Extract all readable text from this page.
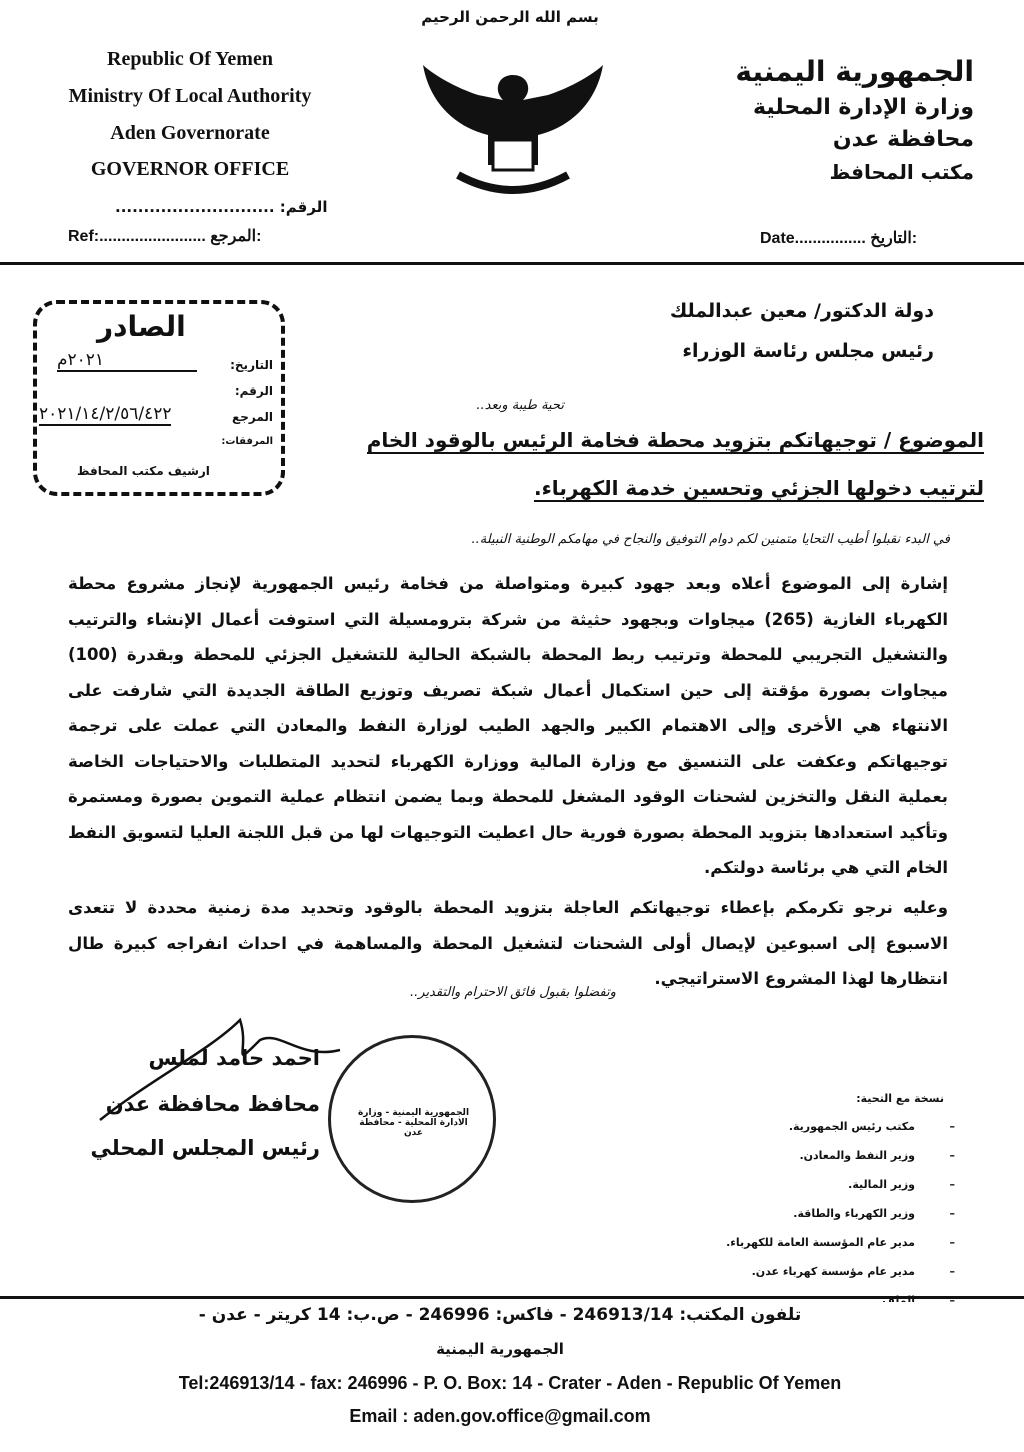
بسم الله الرحمن الرحيم
Republic Of Yemen
Ministry Of Local Authority
Aden Governorate
GOVERNOR OFFICE
الجمهورية اليمنية
وزارة الإدارة المحلية
محافظة عدن
مكتب المحافظ
الرقم: ............................
Ref:........................ المرجع:	Date................ التاريخ:
دولة الدكتور/ معين عبدالملك
رئيس مجلس رئاسة الوزراء
الصادر
التاريخ:
٢٠٢١م
الرقم:
المرجع
٢٠٢١/١٤/٢/٥٦/٤٢٢
المرفقات:
ارشيف مكتب المحافظ
تحية طيبة وبعد..
الموضوع / توجيهاتكم بتزويد محطة فخامة الرئيس بالوقود الخام
لترتيب دخولها الجزئي وتحسين خدمة الكهرباء.
في البدء نقبلوا أطيب التحايا متمنين لكم دوام التوفيق والنجاح في مهامكم الوطنية النبيلة..
إشارة إلى الموضوع أعلاه وبعد جهود كبيرة ومتواصلة من فخامة رئيس الجمهورية لإنجاز مشروع محطة الكهرباء الغازية (265) ميجاوات وبجهود حثيثة من شركة بترومسيلة التي استوفت أعمال الإنشاء والترتيب والتشغيل التجريبي للمحطة وترتيب ربط المحطة بالشبكة الحالية للتشغيل الجزئي للمحطة وبقدرة (100) ميجاوات بصورة مؤقتة إلى حين استكمال أعمال شبكة تصريف وتوزيع الطاقة الجديدة التي شارفت على الانتهاء هي الأخرى وإلى الاهتمام الكبير والجهد الطيب لوزارة النفط والمعادن التي عملت على ترجمة توجيهاتكم وعكفت على التنسيق مع وزارة المالية ووزارة الكهرباء لتحديد المتطلبات والاحتياجات الخاصة بعملية النقل والتخزين لشحنات الوقود المشغل للمحطة وبما يضمن انتظام عملية التموين بصورة ومستمرة وتأكيد استعدادها بتزويد المحطة بصورة فورية حال اعطيت التوجيهات لها من قبل اللجنة العليا لتسويق النفط الخام التي هي برئاسة دولتكم.
وعليه نرجو تكرمكم بإعطاء توجيهاتكم العاجلة بتزويد المحطة بالوقود وتحديد مدة زمنية محددة لا تتعدى الاسبوع إلى اسبوعين لإيصال أولى الشحنات لتشغيل المحطة والمساهمة في احداث انفراجه كبيرة طال انتظارها لهذا المشروع الاستراتيجي.
وتفضلوا بقبول فائق الاحترام والتقدير..
احمد حامد لملس
محافظ محافظة عدن
رئيس المجلس المحلي
الجمهورية اليمنية - وزارة الادارة المحلية - محافظة عدن
نسخة مع التحية:
– مكتب رئيس الجمهورية.
– وزير النفط والمعادن.
– وزير المالية.
– وزير الكهرباء والطاقة.
– مدير عام المؤسسة العامة للكهرباء.
– مدير عام مؤسسة كهرباء عدن.
–
تلفون المكتب: 246913/14 - فاكس: 246996 - ص.ب: 14 كريتر - عدن -
الجمهورية اليمنية
Tel:246913/14 - fax: 246996 - P. O. Box: 14 - Crater - Aden - Republic Of Yemen
Email : aden.gov.office@gmail.com
